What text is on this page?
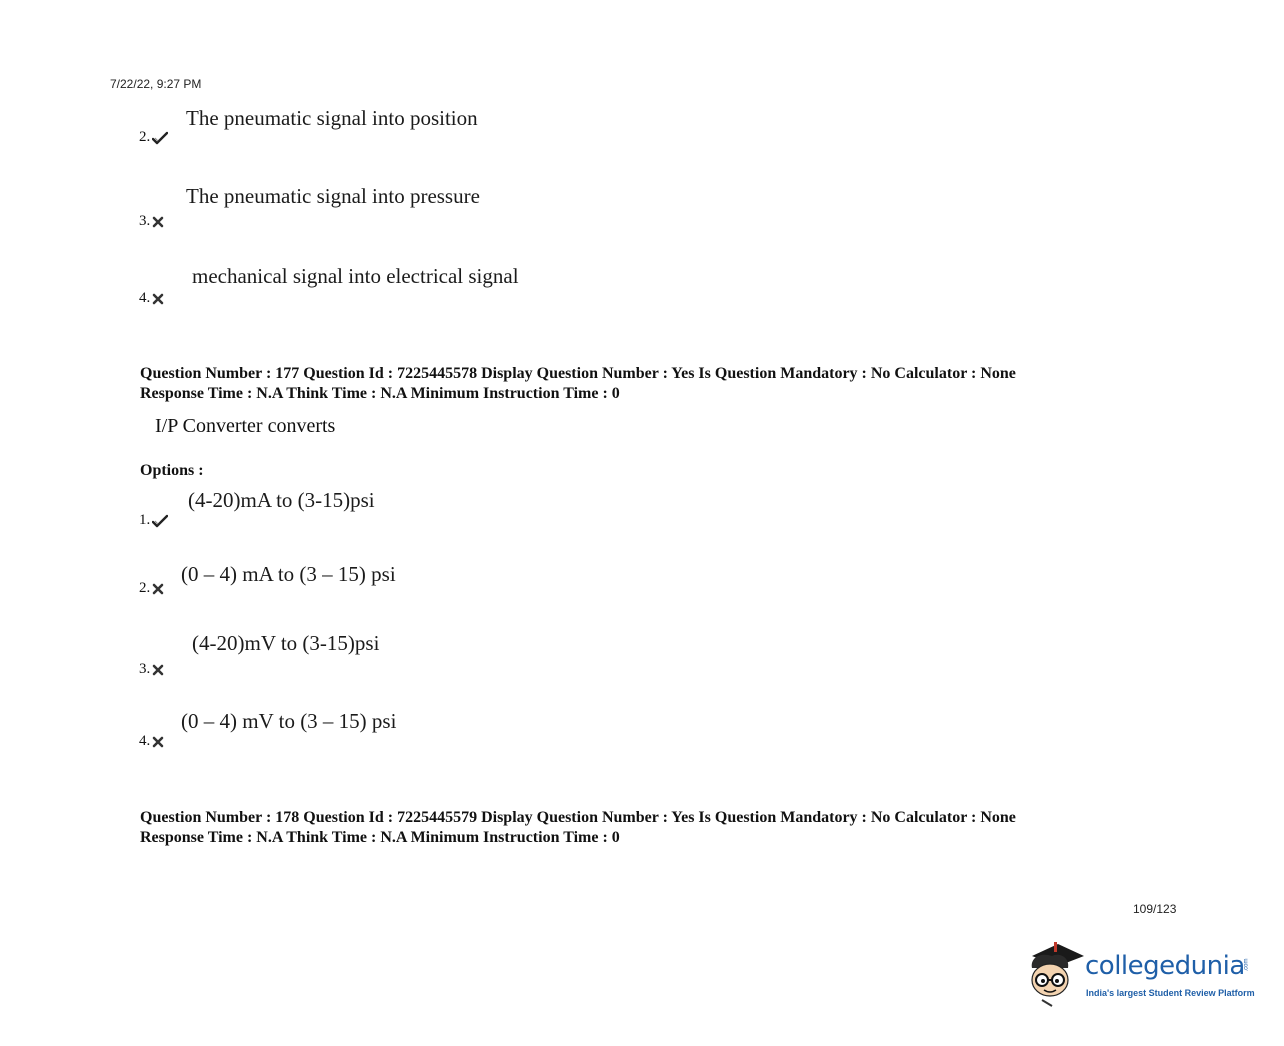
7/22/22, 9:27 PM
The pneumatic signal into position
2.
The pneumatic signal into pressure
3.
mechanical signal into electrical signal
4.
Question Number : 177 Question Id : 7225445578 Display Question Number : Yes Is Question Mandatory : No Calculator : None
Response Time : N.A Think Time : N.A Minimum Instruction Time : 0
I/P Converter converts
Options :
(4-20)mA to (3-15)psi
1.
(0 – 4) mA to (3 – 15) psi
2.
(4-20)mV to (3-15)psi
3.
(0 – 4) mV to (3 – 15) psi
4.
Question Number : 178 Question Id : 7225445579 Display Question Number : Yes Is Question Mandatory : No Calculator : None
Response Time : N.A Think Time : N.A Minimum Instruction Time : 0
109/123
collegedunia
.com
India's largest Student Review Platform
